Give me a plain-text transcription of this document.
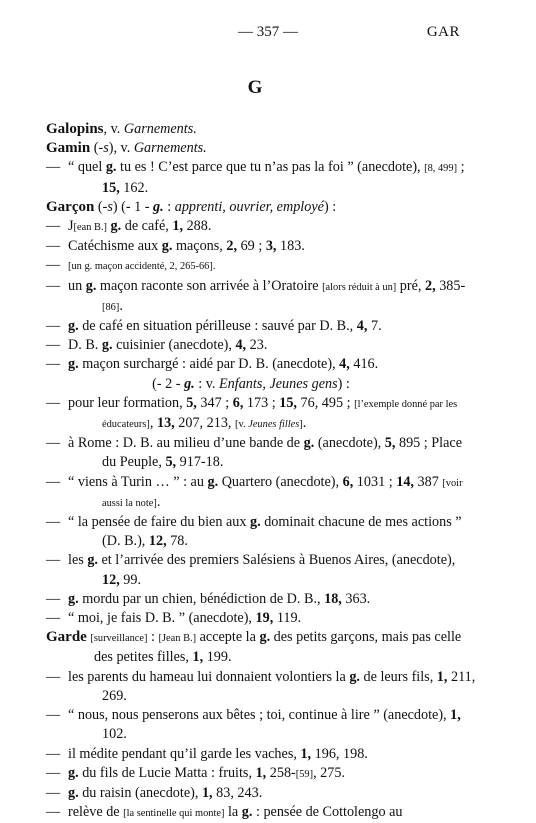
— 357 —	GAR
G

Galopins, v. Garnements.

Gamin (-s), v. Garnements.

— “ quel g. tu es ! C’est parce que tu n’as pas la foi ” (anecdote), [8, 499] ; 15, 162.

Garçon (-s) (- 1 - g. : apprenti, ouvrier, employé) :

— J[ean B.] g. de café, 1, 288.

— Catéchisme aux g. maçons, 2, 69 ; 3, 183.

— [un g. maçon accidenté, 2, 265-66].

— un g. maçon raconte son arrivée à l’Oratoire [alors réduit à un] pré, 2, 385-[86].

— g. de café en situation périlleuse : sauvé par D. B., 4, 7.

— D. B. g. cuisinier (anecdote), 4, 23.

— g. maçon surchargé : aidé par D. B. (anecdote), 4, 416.

(- 2 - g. : v. Enfants, Jeunes gens) :

— pour leur formation, 5, 347 ; 6, 173 ; 15, 76, 495 ; [l’exemple donné par les éducateurs], 13, 207, 213, [v. Jeunes filles].

— à Rome : D. B. au milieu d’une bande de g. (anecdote), 5, 895 ; Place du Peuple, 5, 917-18.

— “ viens à Turin … ” : au g. Quartero (anecdote), 6, 1031 ; 14, 387 [voir aussi la note].

— “ la pensée de faire du bien aux g. dominait chacune de mes actions ” (D. B.), 12, 78.

— les g. et l’arrivée des premiers Salésiens à Buenos Aires, (anecdote), 12, 99.

— g. mordu par un chien, bénédiction de D. B., 18, 363.

— “ moi, je fais D. B. ” (anecdote), 19, 119.

Garde [surveillance] : [Jean B.] accepte la g. des petits garçons, mais pas celle des petites filles, 1, 199.

— les parents du hameau lui donnaient volontiers la g. de leurs fils, 1, 211, 269.

— “ nous, nous penserons aux bêtes ; toi, continue à lire ” (anecdote), 1, 102.

— il médite pendant qu’il garde les vaches, 1, 196, 198.

— g. du fils de Lucie Matta : fruits, 1, 258-[59], 275.

— g. du raisin (anecdote), 1, 83, 243.

— relève de [la sentinelle qui monte] la g. : pensée de Cottolengo au
